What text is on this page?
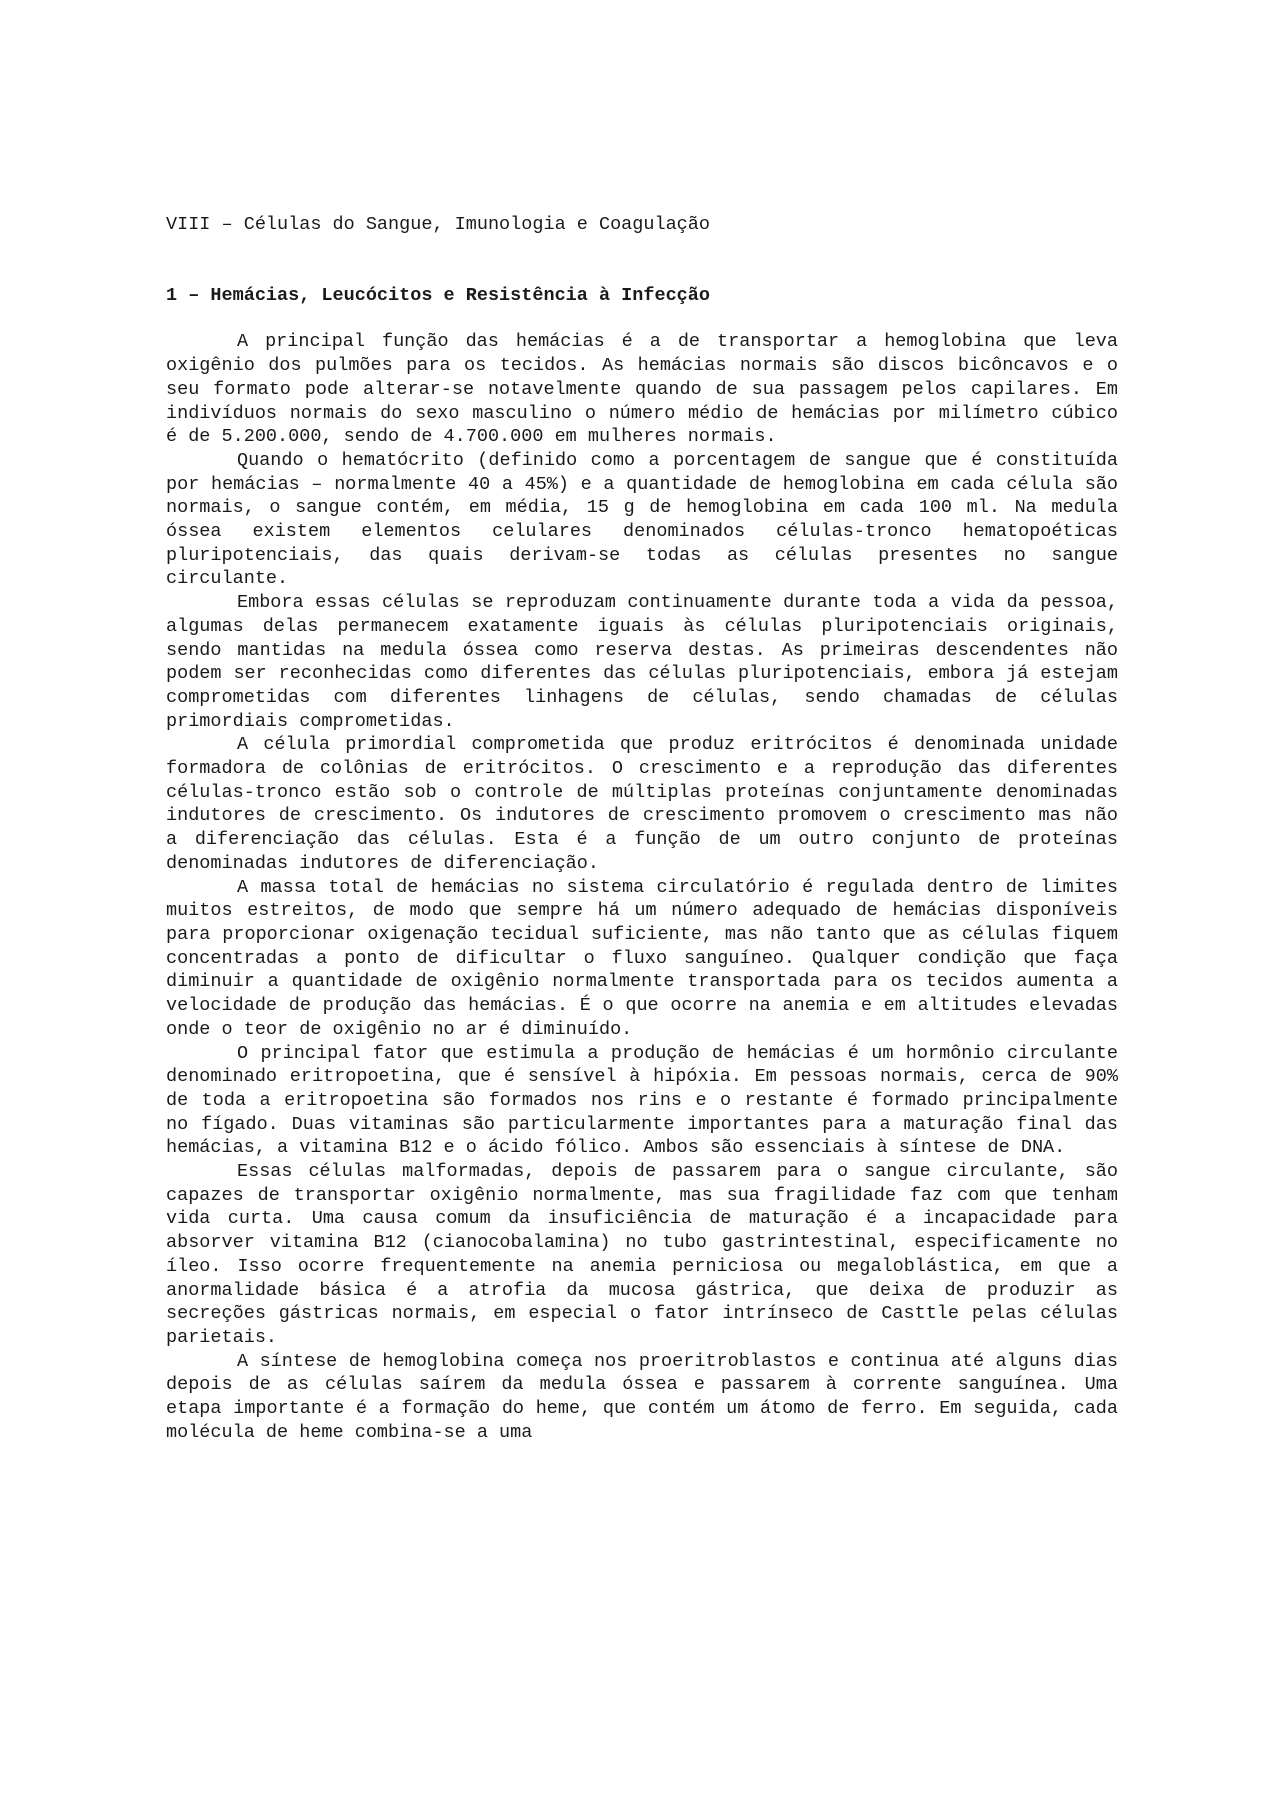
VIII – Células do Sangue, Imunologia e Coagulação
1 – Hemácias, Leucócitos e Resistência à Infecção

A principal função das hemácias é a de transportar a hemoglobina que leva oxigênio dos pulmões para os tecidos. As hemácias normais são discos bicôncavos e o seu formato pode alterar-se notavelmente quando de sua passagem pelos capilares. Em indivíduos normais do sexo masculino o número médio de hemácias por milímetro cúbico é de 5.200.000, sendo de 4.700.000 em mulheres normais.

Quando o hematócrito (definido como a porcentagem de sangue que é constituída por hemácias – normalmente 40 a 45%) e a quantidade de hemoglobina em cada célula são normais, o sangue contém, em média, 15 g de hemoglobina em cada 100 ml. Na medula óssea existem elementos celulares denominados células-tronco hematopoéticas pluripotenciais, das quais derivam-se todas as células presentes no sangue circulante.

Embora essas células se reproduzam continuamente durante toda a vida da pessoa, algumas delas permanecem exatamente iguais às células pluripotenciais originais, sendo mantidas na medula óssea como reserva destas. As primeiras descendentes não podem ser reconhecidas como diferentes das células pluripotenciais, embora já estejam comprometidas com diferentes linhagens de células, sendo chamadas de células primordiais comprometidas.

A célula primordial comprometida que produz eritrócitos é denominada unidade formadora de colônias de eritrócitos. O crescimento e a reprodução das diferentes células-tronco estão sob o controle de múltiplas proteínas conjuntamente denominadas indutores de crescimento. Os indutores de crescimento promovem o crescimento mas não a diferenciação das células. Esta é a função de um outro conjunto de proteínas denominadas indutores de diferenciação.

A massa total de hemácias no sistema circulatório é regulada dentro de limites muitos estreitos, de modo que sempre há um número adequado de hemácias disponíveis para proporcionar oxigenação tecidual suficiente, mas não tanto que as células fiquem concentradas a ponto de dificultar o fluxo sanguíneo. Qualquer condição que faça diminuir a quantidade de oxigênio normalmente transportada para os tecidos aumenta a velocidade de produção das hemácias. É o que ocorre na anemia e em altitudes elevadas onde o teor de oxigênio no ar é diminuído.

O principal fator que estimula a produção de hemácias é um hormônio circulante denominado eritropoetina, que é sensível à hipóxia. Em pessoas normais, cerca de 90% de toda a eritropoetina são formados nos rins e o restante é formado principalmente no fígado. Duas vitaminas são particularmente importantes para a maturação final das hemácias, a vitamina B12 e o ácido fólico. Ambos são essenciais à síntese de DNA.

Essas células malformadas, depois de passarem para o sangue circulante, são capazes de transportar oxigênio normalmente, mas sua fragilidade faz com que tenham vida curta. Uma causa comum da insuficiência de maturação é a incapacidade para absorver vitamina B12 (cianocobalamina) no tubo gastrintestinal, especificamente no íleo. Isso ocorre frequentemente na anemia perniciosa ou megaloblástica, em que a anormalidade básica é a atrofia da mucosa gástrica, que deixa de produzir as secreções gástricas normais, em especial o fator intrínseco de Casttle pelas células parietais.

A síntese de hemoglobina começa nos proeritroblastos e continua até alguns dias depois de as células saírem da medula óssea e passarem à corrente sanguínea. Uma etapa importante é a formação do heme, que contém um átomo de ferro. Em seguida, cada molécula de heme combina-se a uma
